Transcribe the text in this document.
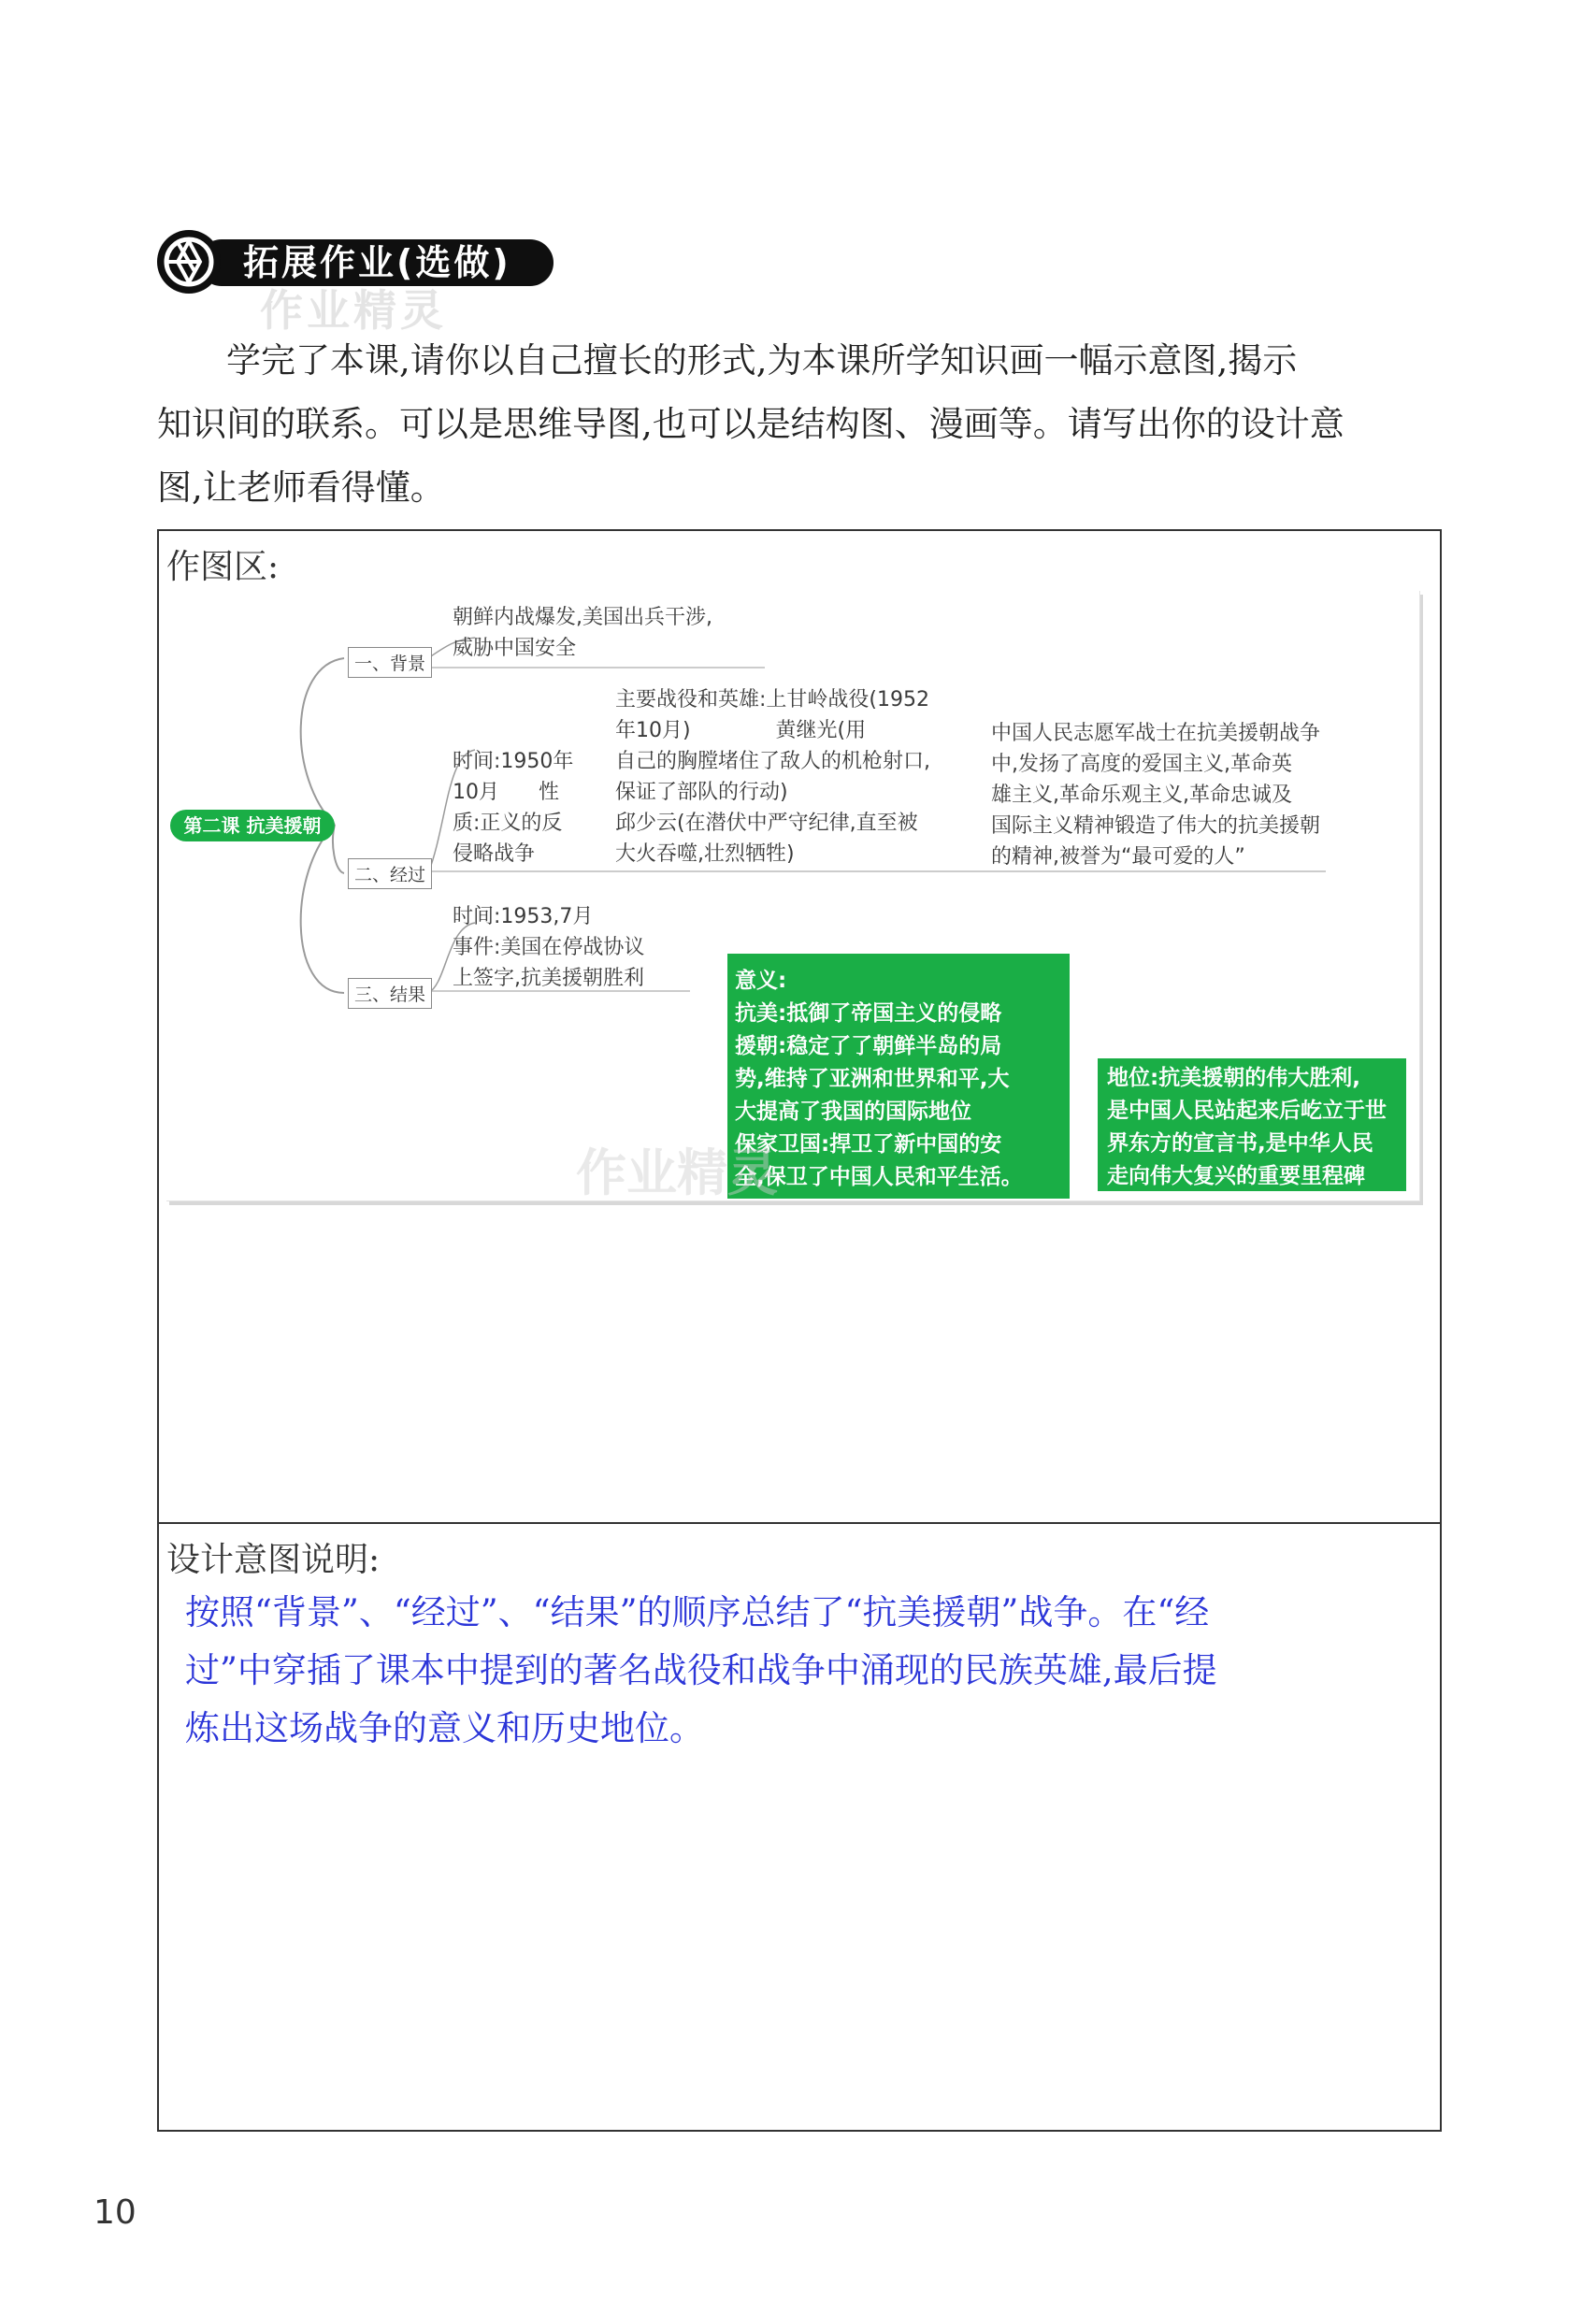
拓展作业(选做)
作业精灵
学完了本课,请你以自己擅长的形式,为本课所学知识画一幅示意图,揭示
知识间的联系。可以是思维导图,也可以是结构图、漫画等。请写出你的设计意
图,让老师看得懂。
作图区:
设计意图说明:
第二课 抗美援朝
一、背景
朝鲜内战爆发,美国出兵干涉,
威胁中国安全
二、经过
时间:1950年
10月      性
质:正义的反
侵略战争
主要战役和英雄:上甘岭战役(1952
年10月)             黄继光(用
自己的胸膛堵住了敌人的机枪射口,
保证了部队的行动)
邱少云(在潜伏中严守纪律,直至被
大火吞噬,壮烈牺牲)
中国人民志愿军战士在抗美援朝战争
中,发扬了高度的爱国主义,革命英
雄主义,革命乐观主义,革命忠诚及
国际主义精神锻造了伟大的抗美援朝
的精神,被誉为“最可爱的人”
三、结果
时间:1953,7月
事件:美国在停战协议
上签字,抗美援朝胜利	意义:
抗美:抵御了帝国主义的侵略
援朝:稳定了了朝鲜半岛的局
势,维持了亚洲和世界和平,大
大提高了我国的国际地位
保家卫国:捍卫了新中国的安
全,保卫了中国人民和平生活。
地位:抗美援朝的伟大胜利,
是中国人民站起来后屹立于世
界东方的宣言书,是中华人民
走向伟大复兴的重要里程碑
作业精灵
按照“背景”、“经过”、“结果”的顺序总结了“抗美援朝”战争。在“经
过”中穿插了课本中提到的著名战役和战争中涌现的民族英雄,最后提
炼出这场战争的意义和历史地位。
10
